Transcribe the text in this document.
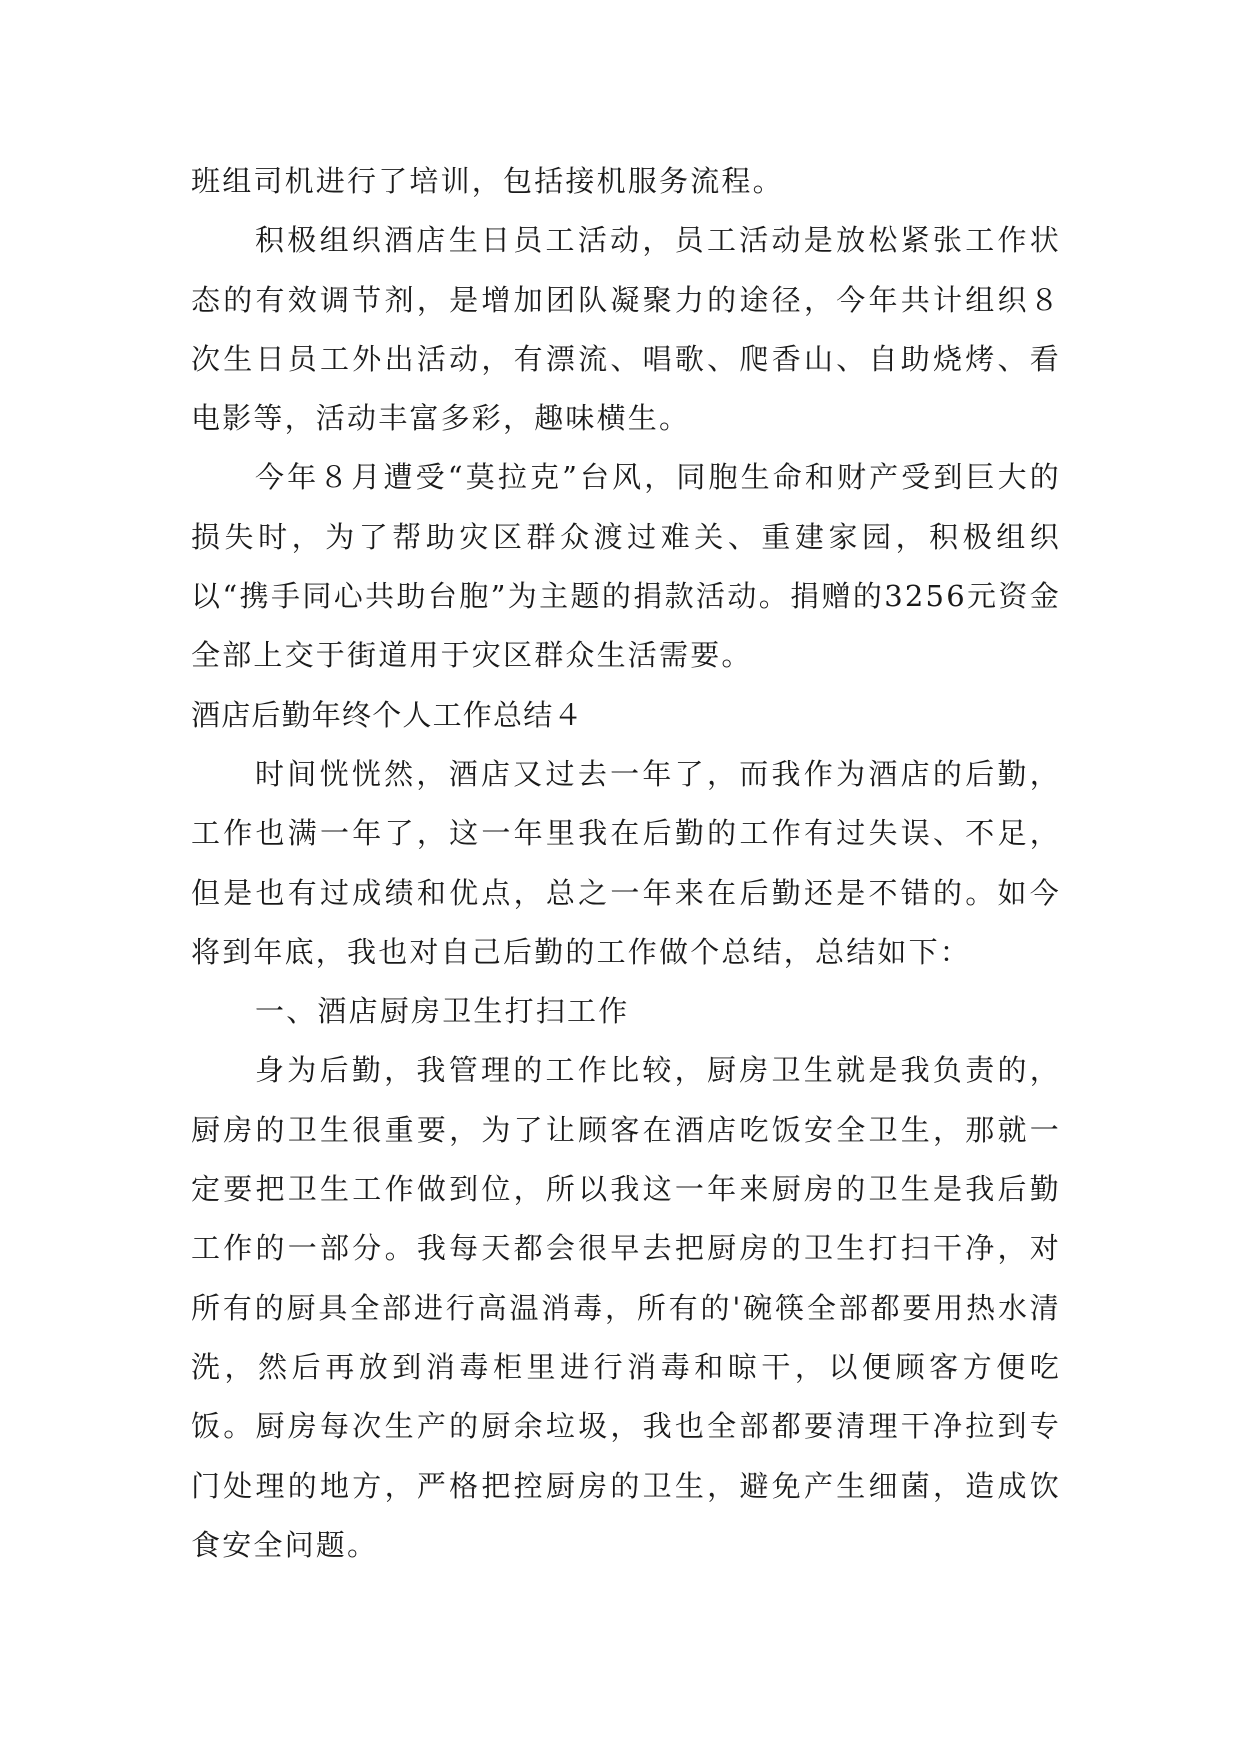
班组司机进行了培训，包括接机服务流程。

积极组织酒店生日员工活动，员工活动是放松紧张工作状态的有效调节剂，是增加团队凝聚力的途径，今年共计组织８次生日员工外出活动，有漂流、唱歌、爬香山、自助烧烤、看电影等，活动丰富多彩，趣味横生。

今年８月遭受“莫拉克”台风，同胞生命和财产受到巨大的损失时，为了帮助灾区群众渡过难关、重建家园，积极组织以“携手同心共助台胞”为主题的捐款活动。捐赠的3256元资金全部上交于街道用于灾区群众生活需要。

酒店后勤年终个人工作总结４

时间恍恍然，酒店又过去一年了，而我作为酒店的后勤，工作也满一年了，这一年里我在后勤的工作有过失误、不足，但是也有过成绩和优点，总之一年来在后勤还是不错的。如今将到年底，我也对自己后勤的工作做个总结，总结如下：

一、酒店厨房卫生打扫工作

身为后勤，我管理的工作比较，厨房卫生就是我负责的，厨房的卫生很重要，为了让顾客在酒店吃饭安全卫生，那就一定要把卫生工作做到位，所以我这一年来厨房的卫生是我后勤工作的一部分。我每天都会很早去把厨房的卫生打扫干净，对所有的厨具全部进行高温消毒，所有的'碗筷全部都要用热水清洗，然后再放到消毒柜里进行消毒和晾干，以便顾客方便吃饭。厨房每次生产的厨余垃圾，我也全部都要清理干净拉到专门处理的地方，严格把控厨房的卫生，避免产生细菌，造成饮食安全问题。
